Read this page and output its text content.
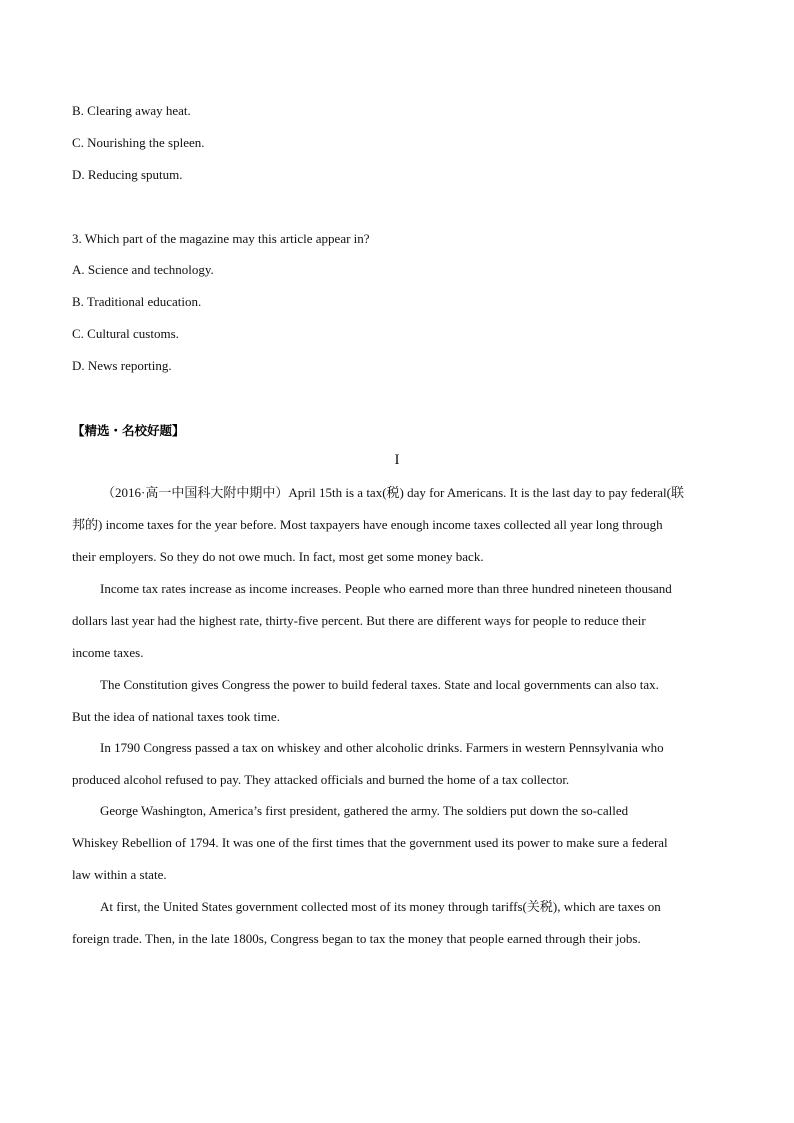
B. Clearing away heat.
C. Nourishing the spleen.
D. Reducing sputum.
3. Which part of the magazine may this article appear in?
A. Science and technology.
B. Traditional education.
C. Cultural customs.
D. News reporting.
【精选・名校好题】
I
（2016·高一中国科大附中期中）April 15th is a tax(税) day for Americans. It is the last day to pay federal(联
邦的) income taxes for the year before. Most taxpayers have enough income taxes collected all year long through
their employers. So they do not owe much. In fact, most get some money back.
Income tax rates increase as income increases. People who earned more than three hundred nineteen thousand
dollars last year had the highest rate, thirty-five percent. But there are different ways for people to reduce their
income taxes.
The Constitution gives Congress the power to build federal taxes. State and local governments can also tax.
But the idea of national taxes took time.
In 1790 Congress passed a tax on whiskey and other alcoholic drinks. Farmers in western Pennsylvania who
produced alcohol refused to pay. They attacked officials and burned the home of a tax collector.
George Washington, America’s first president, gathered the army. The soldiers put down the so-called
Whiskey Rebellion of 1794. It was one of the first times that the government used its power to make sure a federal
law within a state.
At first, the United States government collected most of its money through tariffs(关税), which are taxes on
foreign trade. Then, in the late 1800s, Congress began to tax the money that people earned through their jobs.
